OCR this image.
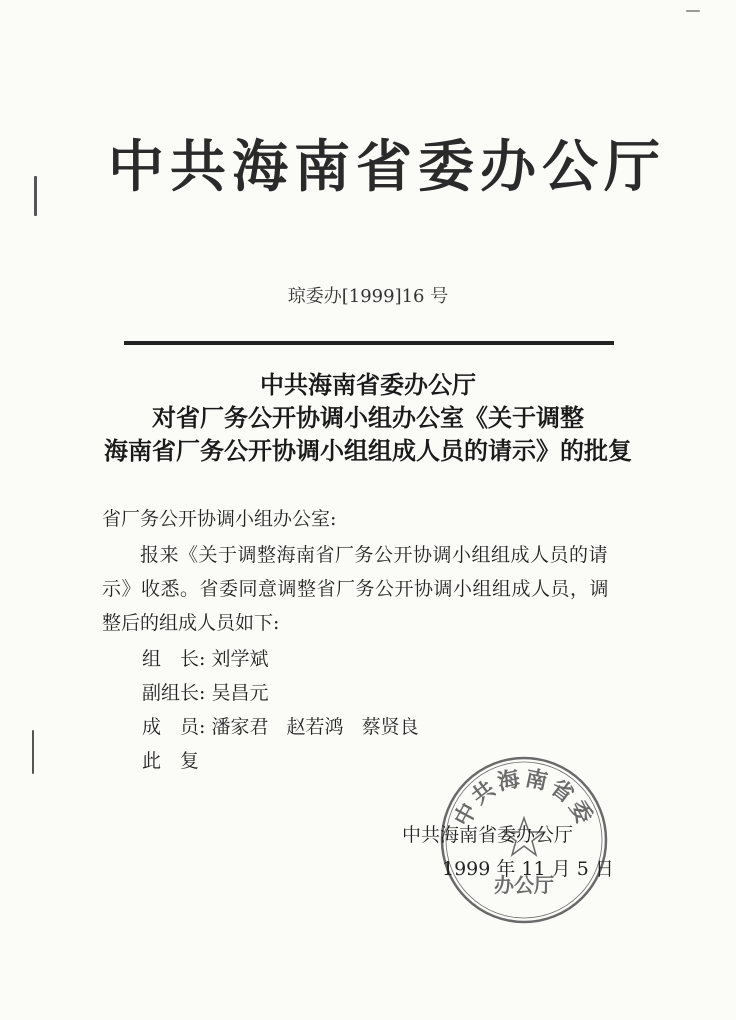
中共海南省委办公厅
琼委办[1999]16 号
中共海南省委办公厅
对省厂务公开协调小组办公室《关于调整
海南省厂务公开协调小组组成人员的请示》的批复
省厂务公开协调小组办公室:
报来《关于调整海南省厂务公开协调小组组成人员的请
示》收悉。省委同意调整省厂务公开协调小组组成人员，调
整后的组成人员如下:
组　长: 刘学斌
副组长: 吴昌元
成　员: 潘家君 赵若鸿 蔡贤良
此　复
中共海南省委
办公厅
中共海南省委办公厅
1999 年 11 月 5 日
